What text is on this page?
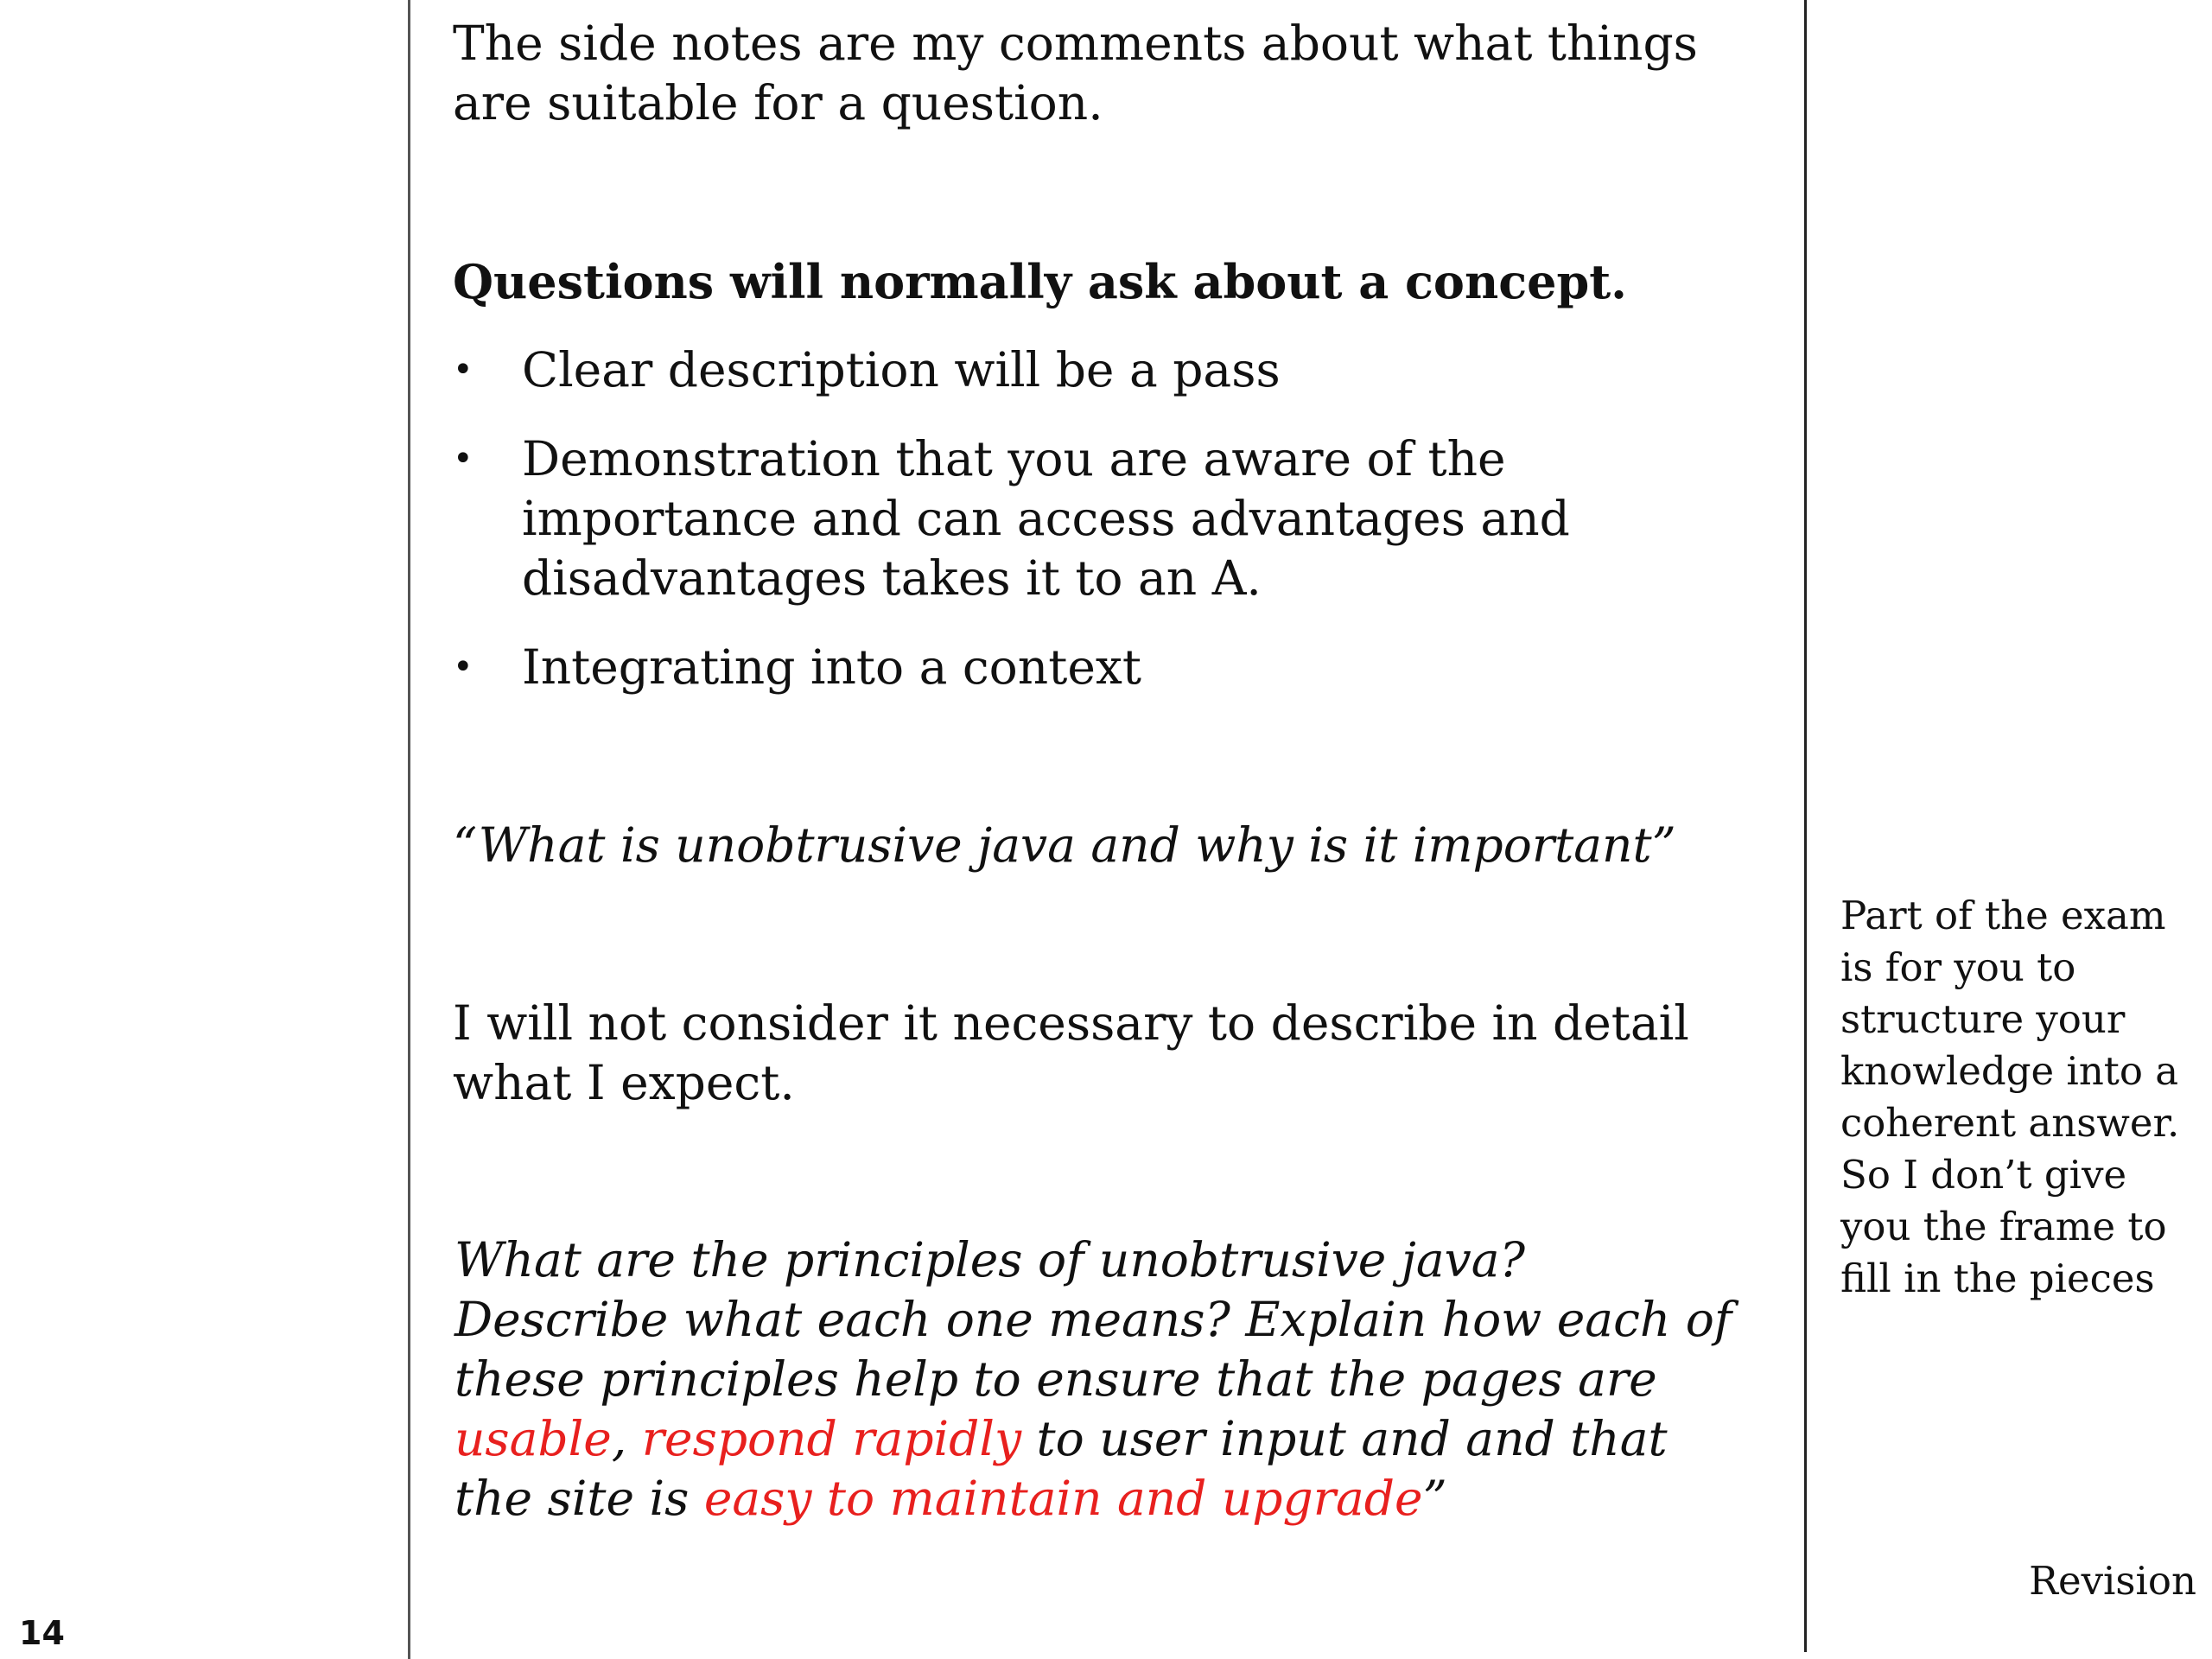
The side notes are my comments about what things are suitable for a question.

Questions will normally ask about a concept.
• Clear description will be a pass
• Demonstration that you are aware of the importance and can access advantages and disadvantages takes it to an A.
• Integrating into a context
“What is unobtrusive java and why is it important”

I will not consider it necessary to describe in detail what I expect.

What are the principles of unobtrusive java? Describe what each one means? Explain how each of these principles help to ensure that the pages are usable, respond rapidly to user input and and that the site is easy to maintain and upgrade”
Part of the exam is for you to structure your knowledge into a coherent answer. So I don’t give you the frame to fill in the pieces
Revision
14
